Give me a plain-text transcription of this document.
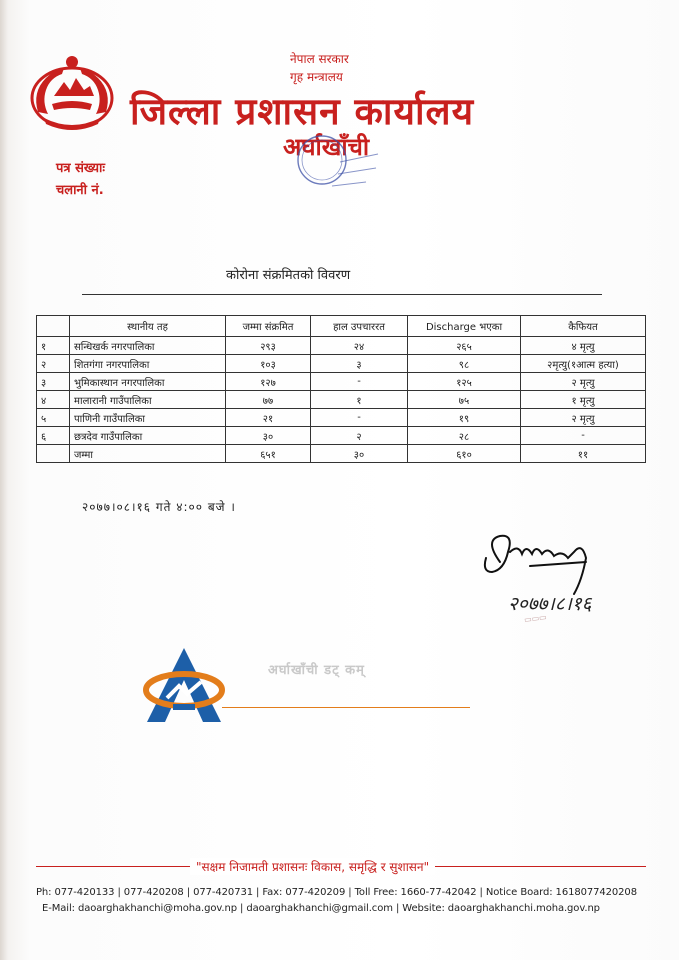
नेपाल सरकार
गृह मन्त्रालय
जिल्ला प्रशासन कार्यालय
अर्घाखाँची
पत्र संख्याः
चलानी नं.
कोरोना संक्रमितको विवरण
	स्थानीय तह	जम्मा संक्रमित	हाल उपचाररत	Discharge भएका	कैफियत
१	सन्धिखर्क नगरपालिका	२९३	२४	२६५	४ मृत्यु
२	शितगंगा नगरपालिका	१०३	३	९८	२मृत्यु(१आत्म हत्या)
३	भुमिकास्थान नगरपालिका	१२७	-	१२५	२ मृत्यु
४	मालारानी गाउँपालिका	७७	१	७५	१ मृत्यु
५	पाणिनी गाउँपालिका	२१	-	१९	२ मृत्यु
६	छत्रदेव गाउँपालिका	३०	२	२८	-
	जम्मा	६५१	३०	६१०	११
२०७७।०८।१६ गते ४:०० बजे ।
२०७७।८।१६
▭▭▭
अर्घाखाँची डट् कम्
"सक्षम निजामती प्रशासनः विकास, समृद्धि र सुशासन"
Ph: 077-420133 | 077-420208 | 077-420731 | Fax: 077-420209 | Toll Free: 1660-77-42042 | Notice Board: 1618077420208
E-Mail: daoarghakhanchi@moha.gov.np | daoarghakhanchi@gmail.com | Website: daoarghakhanchi.moha.gov.np
